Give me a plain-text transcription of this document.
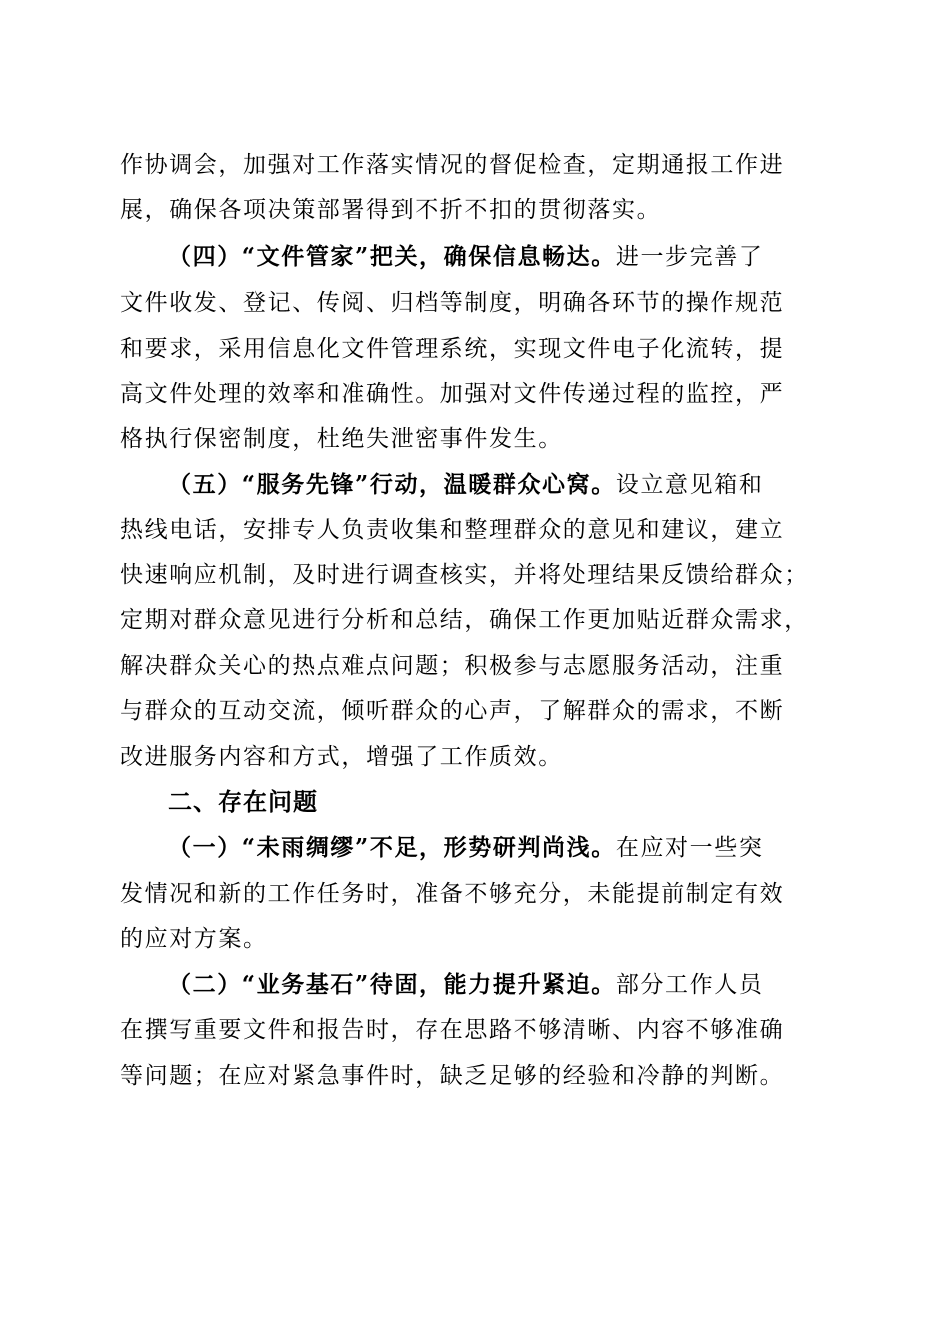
作协调会，加强对工作落实情况的督促检查，定期通报工作进
展，确保各项决策部署得到不折不扣的贯彻落实。
（四）“文件管家”把关，确保信息畅达。进一步完善了
文件收发、登记、传阅、归档等制度，明确各环节的操作规范
和要求，采用信息化文件管理系统，实现文件电子化流转，提
高文件处理的效率和准确性。加强对文件传递过程的监控，严
格执行保密制度，杜绝失泄密事件发生。
（五）“服务先锋”行动，温暖群众心窝。设立意见箱和
热线电话，安排专人负责收集和整理群众的意见和建议，建立
快速响应机制，及时进行调查核实，并将处理结果反馈给群众；
定期对群众意见进行分析和总结，确保工作更加贴近群众需求，
解决群众关心的热点难点问题；积极参与志愿服务活动，注重
与群众的互动交流，倾听群众的心声，了解群众的需求，不断
改进服务内容和方式，增强了工作质效。
二、存在问题
（一）“未雨绸缪”不足，形势研判尚浅。在应对一些突
发情况和新的工作任务时，准备不够充分，未能提前制定有效
的应对方案。
（二）“业务基石”待固，能力提升紧迫。部分工作人员
在撰写重要文件和报告时，存在思路不够清晰、内容不够准确
等问题；在应对紧急事件时，缺乏足够的经验和冷静的判断。
